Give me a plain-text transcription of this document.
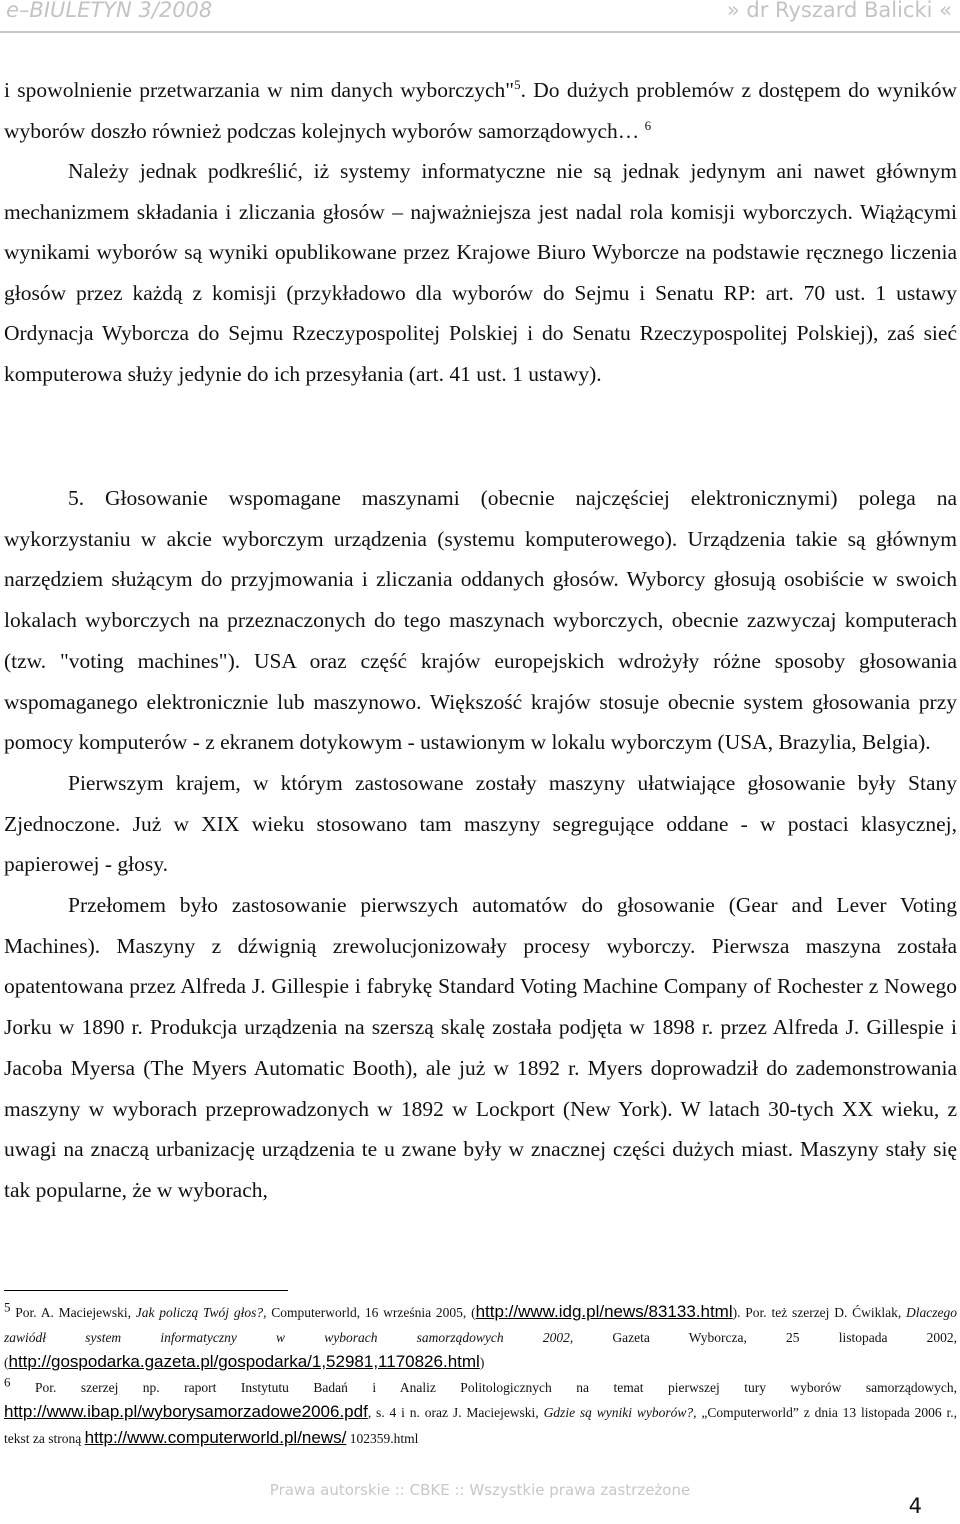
e–BIULETYN 3/2008	» dr Ryszard Balicki «

i spowolnienie przetwarzania w nim danych wyborczych"$^5$. Do dużych problemów z dostępem do wyników wyborów doszło również podczas kolejnych wyborów samorządowych… $^6$

Należy jednak podkreślić, iż systemy informatyczne nie są jednak jedynym ani nawet głównym mechanizmem składania i zliczania głosów – najważniejsza jest nadal rola komisji wyborczych. Wiążącymi wynikami wyborów są wyniki opublikowane przez Krajowe Biuro Wyborcze na podstawie ręcznego liczenia głosów przez każdą z komisji (przykładowo dla wyborów do Sejmu i Senatu RP: art. 70 ust. 1 ustawy Ordynacja Wyborcza do Sejmu Rzeczypospolitej Polskiej i do Senatu Rzeczypospolitej Polskiej), zaś sieć komputerowa służy jedynie do ich przesyłania (art. 41 ust. 1 ustawy).

5. Głosowanie wspomagane maszynami (obecnie najczęściej elektronicznymi) polega na wykorzystaniu w akcie wyborczym urządzenia (systemu komputerowego). Urządzenia takie są głównym narzędziem służącym do przyjmowania i zliczania oddanych głosów. Wyborcy głosują osobiście w swoich lokalach wyborczych na przeznaczonych do tego maszynach wyborczych, obecnie zazwyczaj komputerach (tzw. "voting machines"). USA oraz część krajów europejskich wdrożyły różne sposoby głosowania wspomaganego elektronicznie lub maszynowo. Większość krajów stosuje obecnie system głosowania przy pomocy komputerów - z ekranem dotykowym - ustawionym w lokalu wyborczym (USA, Brazylia, Belgia).

Pierwszym krajem, w którym zastosowane zostały maszyny ułatwiające głosowanie były Stany Zjednoczone. Już w XIX wieku stosowano tam maszyny segregujące oddane - w postaci klasycznej, papierowej - głosy.

Przełomem było zastosowanie pierwszych automatów do głosowanie (Gear and Lever Voting Machines). Maszyny z dźwignią zrewolucjonizowały procesy wyborczy. Pierwsza maszyna została opatentowana przez Alfreda J. Gillespie i fabrykę Standard Voting Machine Company of Rochester z Nowego Jorku w 1890 r. Produkcja urządzenia na szerszą skalę została podjęta w 1898 r. przez Alfreda J. Gillespie i Jacoba Myersa (The Myers Automatic Booth), ale już w 1892 r. Myers doprowadził do zademonstrowania maszyny w wyborach przeprowadzonych w 1892 w Lockport (New York). W latach 30-tych XX wieku, z uwagi na znaczą urbanizację urządzenia te u zwane były w znacznej części dużych miast. Maszyny stały się tak popularne, że w wyborach,

5 Por. A. Maciejewski, Jak policzą Twój głos?, Computerworld, 16 września 2005, (http://www.idg.pl/news/83133.html). Por. też szerzej D. Ćwiklak, Dlaczego zawiódł system informatyczny w wyborach samorządowych 2002, Gazeta Wyborcza, 25 listopada 2002, (http://gospodarka.gazeta.pl/gospodarka/1,52981,1170826.html)

6 Por. szerzej np. raport Instytutu Badań i Analiz Politologicznych na temat pierwszej tury wyborów samorządowych, http://www.ibap.pl/wyborysamorzadowe2006.pdf, s. 4 i n. oraz J. Maciejewski, Gdzie są wyniki wyborów?, „Computerworld” z dnia 13 listopada 2006 r., tekst za stroną http://www.computerworld.pl/news/ 102359.html

Prawa autorskie :: CBKE :: Wszystkie prawa zastrzeżone
4
